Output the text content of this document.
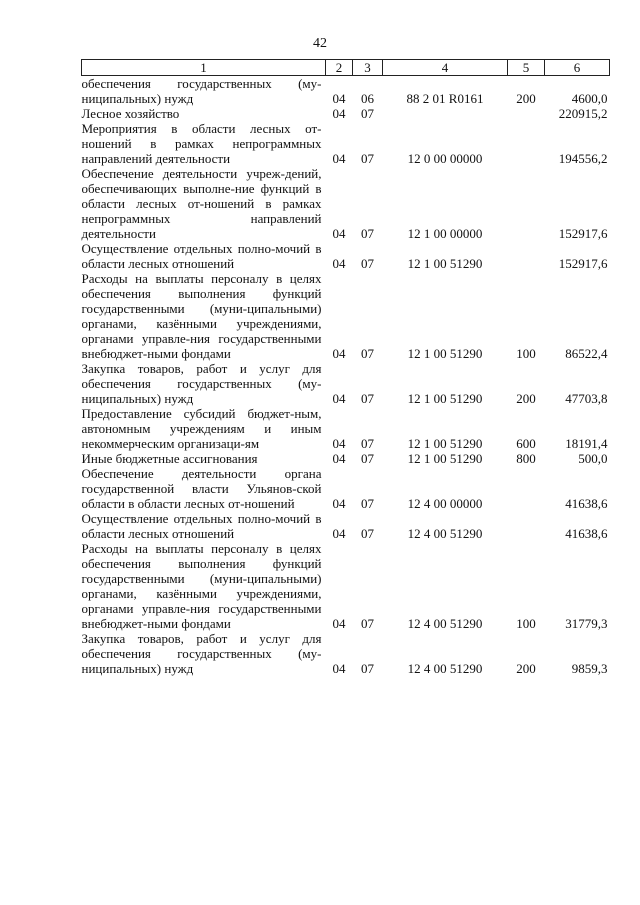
42
1	2	3	4	5	6
обеспечения государственных (му-ниципальных) нужд	04	06	88 2 01 R0161	200	4600,0
Лесное хозяйство	04	07			220915,2
Мероприятия в области лесных от-ношений в рамках непрограммных направлений деятельности	04	07	12 0 00 00000		194556,2
Обеспечение деятельности учреж-дений, обеспечивающих выполне-ние функций в области лесных от-ношений в рамках непрограммных направлений деятельности	04	07	12 1 00 00000		152917,6
Осуществление отдельных полно-мочий в области лесных отношений	04	07	12 1 00 51290		152917,6
Расходы на выплаты персоналу в целях обеспечения выполнения функций государственными (муни-ципальными) органами, казёнными учреждениями, органами управле-ния государственными внебюджет-ными фондами	04	07	12 1 00 51290	100	86522,4
Закупка товаров, работ и услуг для обеспечения государственных (му-ниципальных) нужд	04	07	12 1 00 51290	200	47703,8
Предоставление субсидий бюджет-ным, автономным учреждениям и иным некоммерческим организаци-ям	04	07	12 1 00 51290	600	18191,4
Иные бюджетные ассигнования	04	07	12 1 00 51290	800	500,0
Обеспечение деятельности органа государственной власти Ульянов-ской области в области лесных от-ношений	04	07	12 4 00 00000		41638,6
Осуществление отдельных полно-мочий в области лесных отношений	04	07	12 4 00 51290		41638,6
Расходы на выплаты персоналу в целях обеспечения выполнения функций государственными (муни-ципальными) органами, казёнными учреждениями, органами управле-ния государственными внебюджет-ными фондами	04	07	12 4 00 51290	100	31779,3
Закупка товаров, работ и услуг для обеспечения государственных (му-ниципальных) нужд	04	07	12 4 00 51290	200	9859,3
